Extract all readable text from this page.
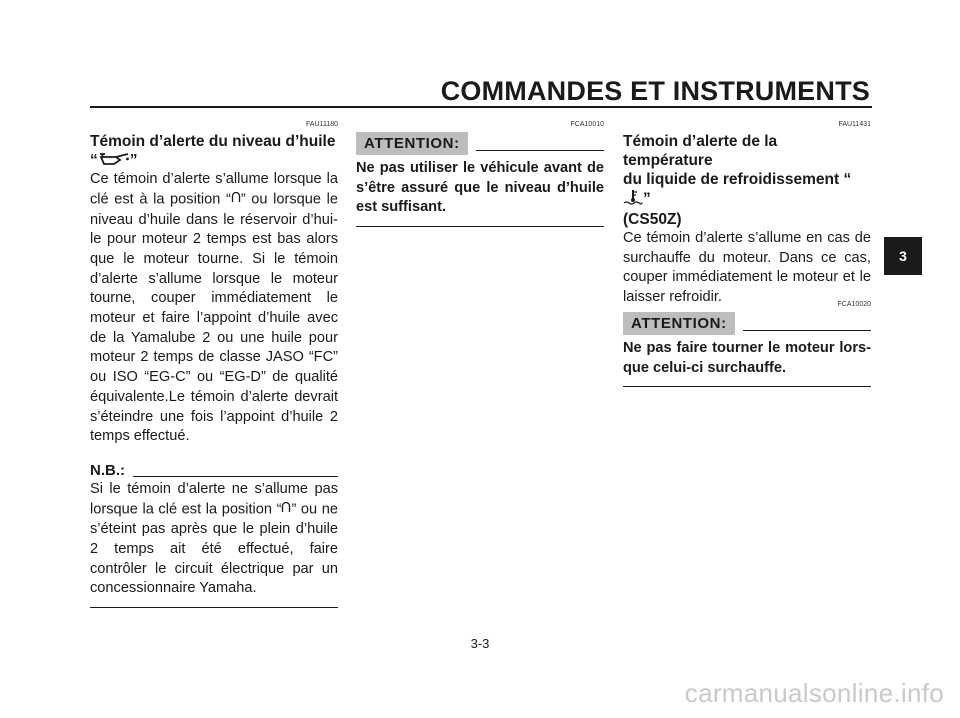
COMMANDES ET INSTRUMENTS
3
FAU11180
Témoin d’alerte du niveau d’huile
“ ”

Ce témoin d’alerte s’allume lorsque la clé est à la position “ ” ou lorsque le niveau d’huile dans le réservoir d’hui-le pour moteur 2 temps est bas alors que le moteur tourne. Si le témoin d’alerte s’allume lorsque le moteur tourne, couper immédiatement le moteur et faire l’appoint d’huile avec de la Yamalube 2 ou une huile pour moteur 2 temps de classe JASO “FC” ou ISO “EG-C” ou “EG-D” de qualité équivalente.Le témoin d’alerte devrait s’éteindre une fois l’appoint d’huile 2 temps effectué.

N.B.:

Si le témoin d’alerte ne s’allume pas lorsque la clé est la position “ ” ou ne s’éteint pas après que le plein d’huile 2 temps ait été effectué, faire contrôler le circuit électrique par un concessionnaire Yamaha.

FCA10010
ATTENTION:
Ne pas utiliser le véhicule avant de s’être assuré que le niveau d’huile est suffisant.
FAU11431
Témoin d’alerte de la température
du liquide de refroidissement “”
(CS50Z)

Ce témoin d’alerte s’allume en cas de surchauffe du moteur. Dans ce cas, couper immédiatement le moteur et le laisser refroidir.	FCA10020
ATTENTION:
Ne pas faire tourner le moteur lors-que celui-ci surchauffe.
3-3
carmanualsonline.info
